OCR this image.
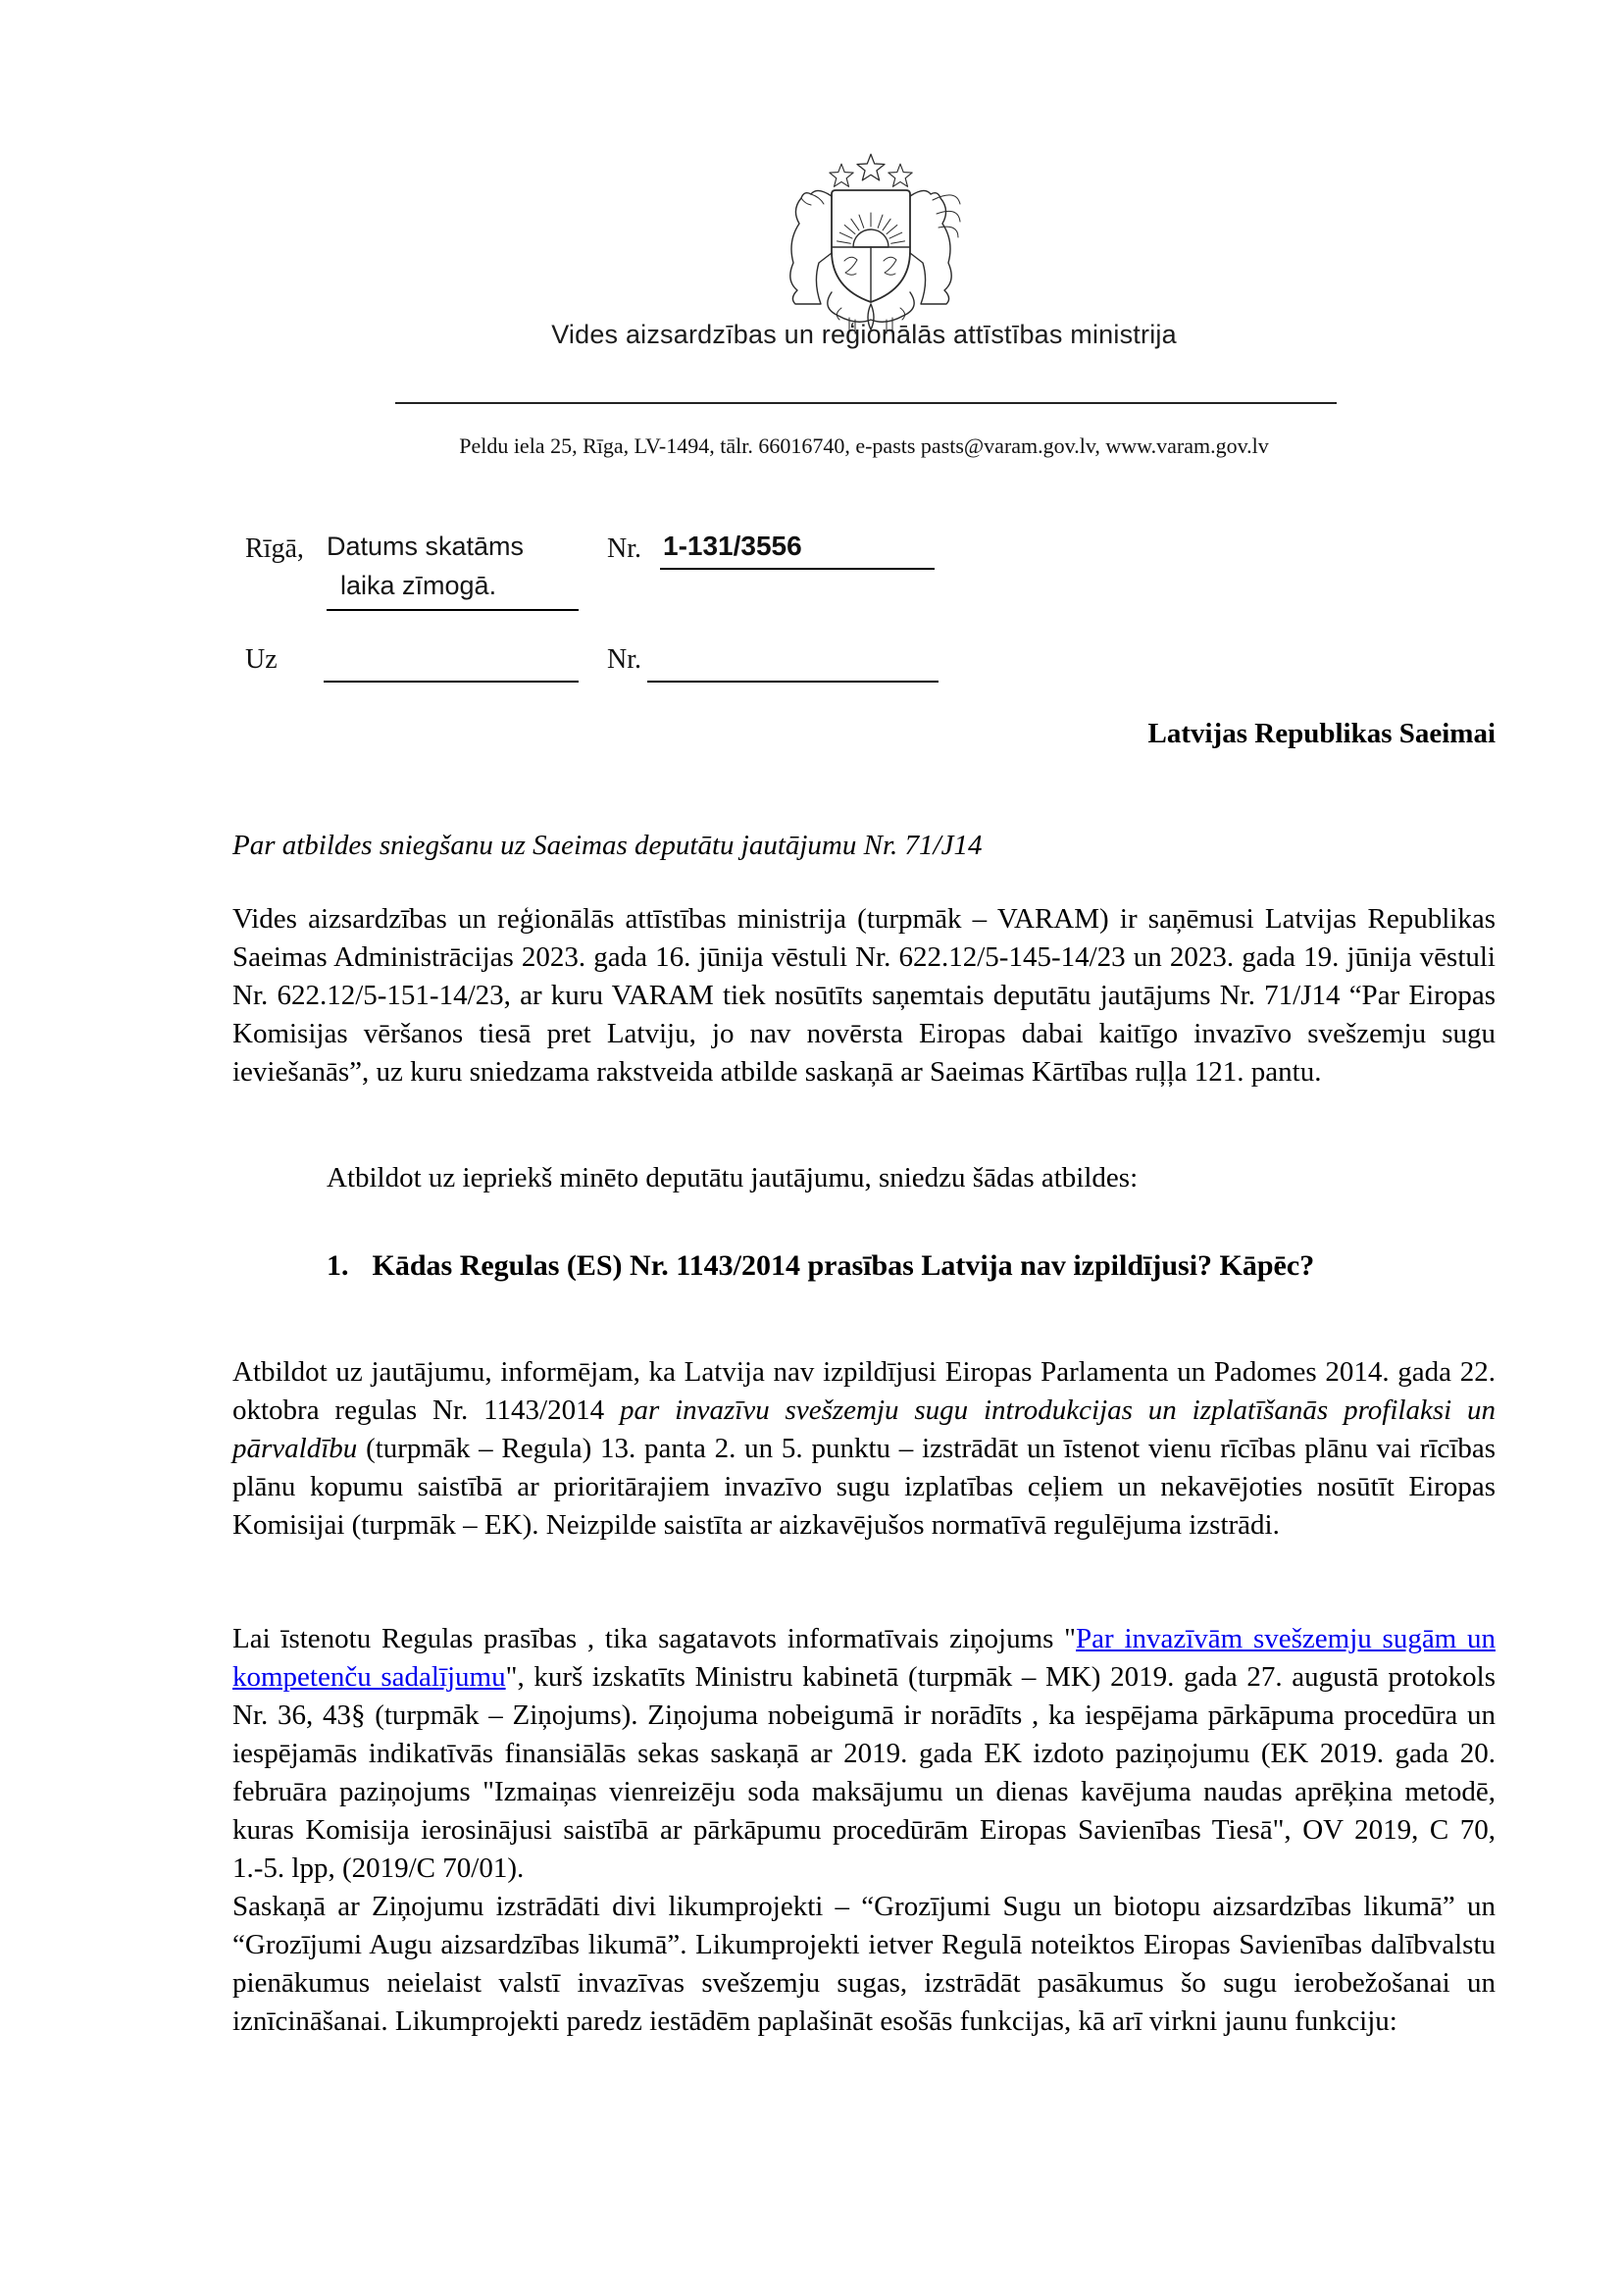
Vides aizsardzības un reģionālās attīstības ministrija
Peldu iela 25, Rīga, LV-1494, tālr. 66016740, e-pasts pasts@varam.gov.lv, www.varam.gov.lv
Rīgā, Datums skatāms
laika zīmogā.
Nr. 1-131/3556
Uz	Nr.
Latvijas Republikas Saeimai
Par atbildes sniegšanu uz Saeimas deputātu jautājumu Nr. 71/J14
Vides aizsardzības un reģionālās attīstības ministrija (turpmāk – VARAM) ir saņēmusi Latvijas Republikas Saeimas Administrācijas 2023. gada 16. jūnija vēstuli Nr. 622.12/5-145-14/23 un 2023. gada 19. jūnija vēstuli Nr. 622.12/5-151-14/23, ar kuru VARAM tiek nosūtīts saņemtais deputātu jautājums Nr. 71/J14 “Par Eiropas Komisijas vēršanos tiesā pret Latviju, jo nav novērsta Eiropas dabai kaitīgo invazīvo svešzemju sugu ieviešanās”, uz kuru sniedzama rakstveida atbilde saskaņā ar Saeimas Kārtības ruļļa 121. pantu.
Atbildot uz iepriekš minēto deputātu jautājumu, sniedzu šādas atbildes:
1. Kādas Regulas (ES) Nr. 1143/2014 prasības Latvija nav izpildījusi? Kāpēc?
Atbildot uz jautājumu, informējam, ka Latvija nav izpildījusi Eiropas Parlamenta un Padomes 2014. gada 22. oktobra regulas Nr. 1143/2014 par invazīvu svešzemju sugu introdukcijas un izplatīšanās profilaksi un pārvaldību (turpmāk – Regula) 13. panta 2. un 5. punktu – izstrādāt un īstenot vienu rīcības plānu vai rīcības plānu kopumu saistībā ar prioritārajiem invazīvo sugu izplatības ceļiem un nekavējoties nosūtīt Eiropas Komisijai (turpmāk – EK). Neizpilde saistīta ar aizkavējušos normatīvā regulējuma izstrādi.

Lai īstenotu Regulas prasības , tika sagatavots informatīvais ziņojums "Par invazīvām svešzemju sugām un kompetenču sadalījumu", kurš izskatīts Ministru kabinetā (turpmāk – MK) 2019. gada 27. augustā protokols Nr. 36, 43§ (turpmāk – Ziņojums). Ziņojuma nobeigumā ir norādīts , ka iespējama pārkāpuma procedūra un iespējamās indikatīvās finansiālās sekas saskaņā ar 2019. gada EK izdoto paziņojumu (EK 2019. gada 20. februāra paziņojums "Izmaiņas vienreizēju soda maksājumu un dienas kavējuma naudas aprēķina metodē, kuras Komisija ierosinājusi saistībā ar pārkāpumu procedūrām Eiropas Savienības Tiesā", OV 2019, C 70, 1.-5. lpp, (2019/C 70/01).

Saskaņā ar Ziņojumu izstrādāti divi likumprojekti – “Grozījumi Sugu un biotopu aizsardzības likumā” un “Grozījumi Augu aizsardzības likumā”. Likumprojekti ietver Regulā noteiktos Eiropas Savienības dalībvalstu pienākumus neielaist valstī invazīvas svešzemju sugas, izstrādāt pasākumus šo sugu ierobežošanai un iznīcināšanai. Likumprojekti paredz iestādēm paplašināt esošās funkcijas, kā arī virkni jaunu funkciju:
